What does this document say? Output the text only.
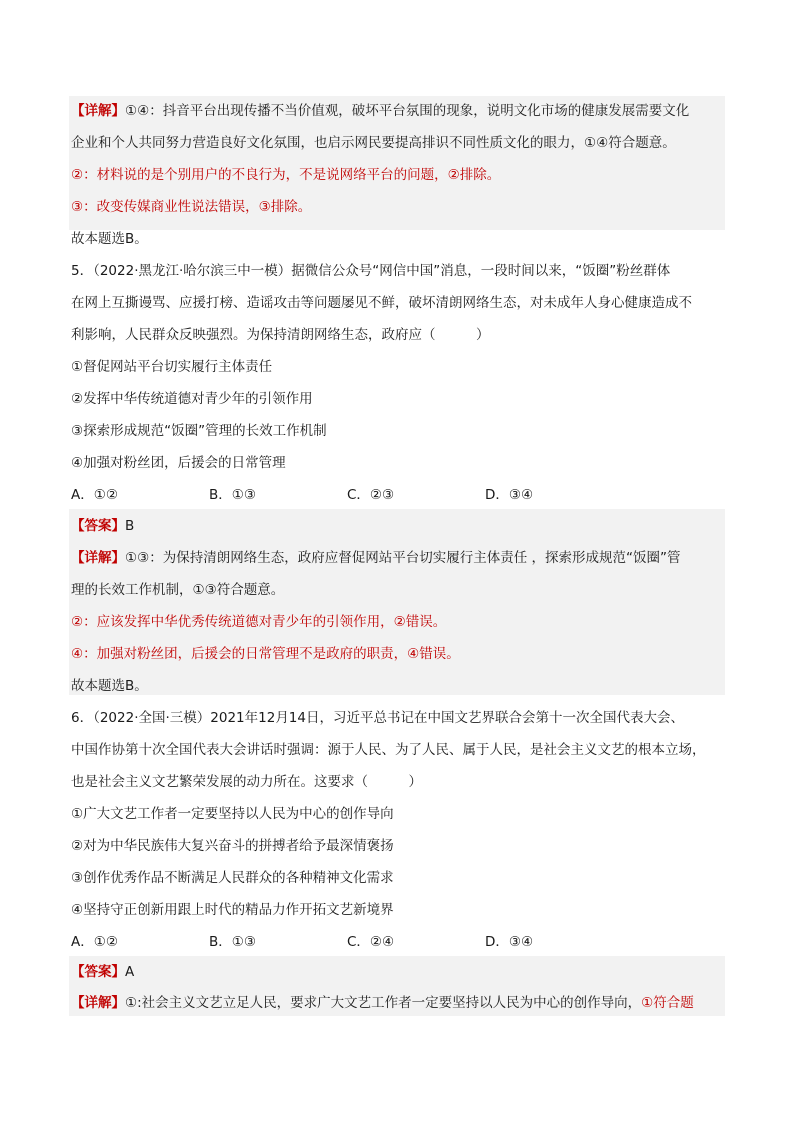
【详解】①④：抖音平台出现传播不当价值观，破坏平台氛围的现象，说明文化市场的健康发展需要文化
企业和个人共同努力营造良好文化氛围，也启示网民要提高排识不同性质文化的眼力，①④符合题意。
②：材料说的是个别用户的不良行为，不是说网络平台的问题，②排除。
③：改变传媒商业性说法错误，③排除。
故本题选B。
5．（2022·黑龙江·哈尔滨三中一模）据微信公众号“网信中国”消息，一段时间以来，“饭圈”粉丝群体
在网上互撕谩骂、应援打榜、造谣攻击等问题屡见不鲜，破坏清朗网络生态，对未成年人身心健康造成不
利影响，人民群众反映强烈。为保持清朗网络生态，政府应（　　　）
①督促网站平台切实履行主体责任
②发挥中华传统道德对青少年的引领作用
③探索形成规范“饭圈”管理的长效工作机制
④加强对粉丝团，后援会的日常管理
A．①②	B．①③	C．②③	D．③④
【答案】B
【详解】①③：为保持清朗网络生态，政府应督促网站平台切实履行主体责任 ，探索形成规范“饭圈”管
理的长效工作机制，①③符合题意。
②：应该发挥中华优秀传统道德对青少年的引领作用，②错误。
④：加强对粉丝团，后援会的日常管理不是政府的职责，④错误。
故本题选B。
6．（2022·全国·三模）2021年12月14日，习近平总书记在中国文艺界联合会第十一次全国代表大会、
中国作协第十次全国代表大会讲话时强调：源于人民、为了人民、属于人民，是社会主义文艺的根本立场，
也是社会主义文艺繁荣发展的动力所在。这要求（　　　）
①广大文艺工作者一定要坚持以人民为中心的创作导向
②对为中华民族伟大复兴奋斗的拼搏者给予最深情褒扬
③创作优秀作品不断满足人民群众的各种精神文化需求
④坚持守正创新用跟上时代的精品力作开拓文艺新境界
A．①②	B．①③	C．②④	D．③④
【答案】A
【详解】①:社会主义文艺立足人民，要求广大文艺工作者一定要坚持以人民为中心的创作导向，①符合题
